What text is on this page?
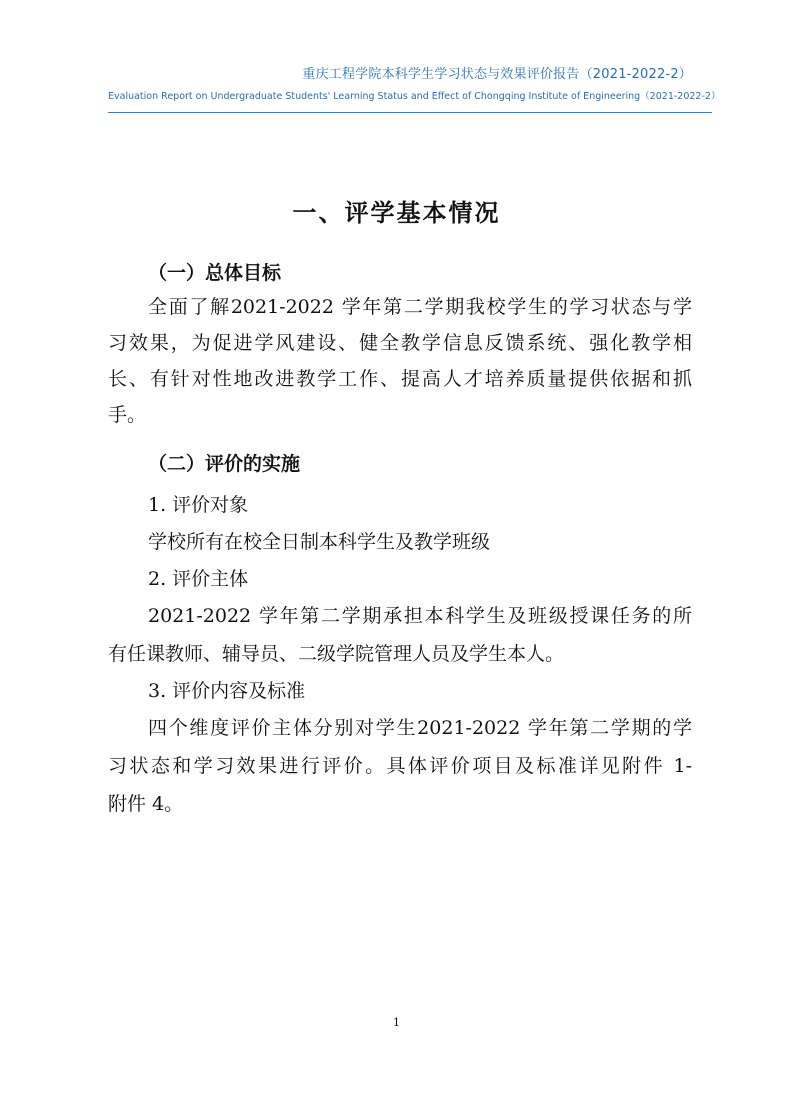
重庆工程学院本科学生学习状态与效果评价报告（2021-2022-2）
Evaluation Report on Undergraduate Students' Learning Status and Effect of Chongqing Institute of Engineering（2021-2022-2）
一、评学基本情况
（一）总体目标
全面了解2021-2022 学年第二学期我校学生的学习状态与学
习效果，为促进学风建设、健全教学信息反馈系统、强化教学相
长、有针对性地改进教学工作、提高人才培养质量提供依据和抓
手。
（二）评价的实施
1. 评价对象
学校所有在校全日制本科学生及教学班级
2. 评价主体
2021-2022 学年第二学期承担本科学生及班级授课任务的所
有任课教师、辅导员、二级学院管理人员及学生本人。
3. 评价内容及标准
四个维度评价主体分别对学生2021-2022 学年第二学期的学
习状态和学习效果进行评价。具体评价项目及标准详见附件 1-
附件 4。
1
